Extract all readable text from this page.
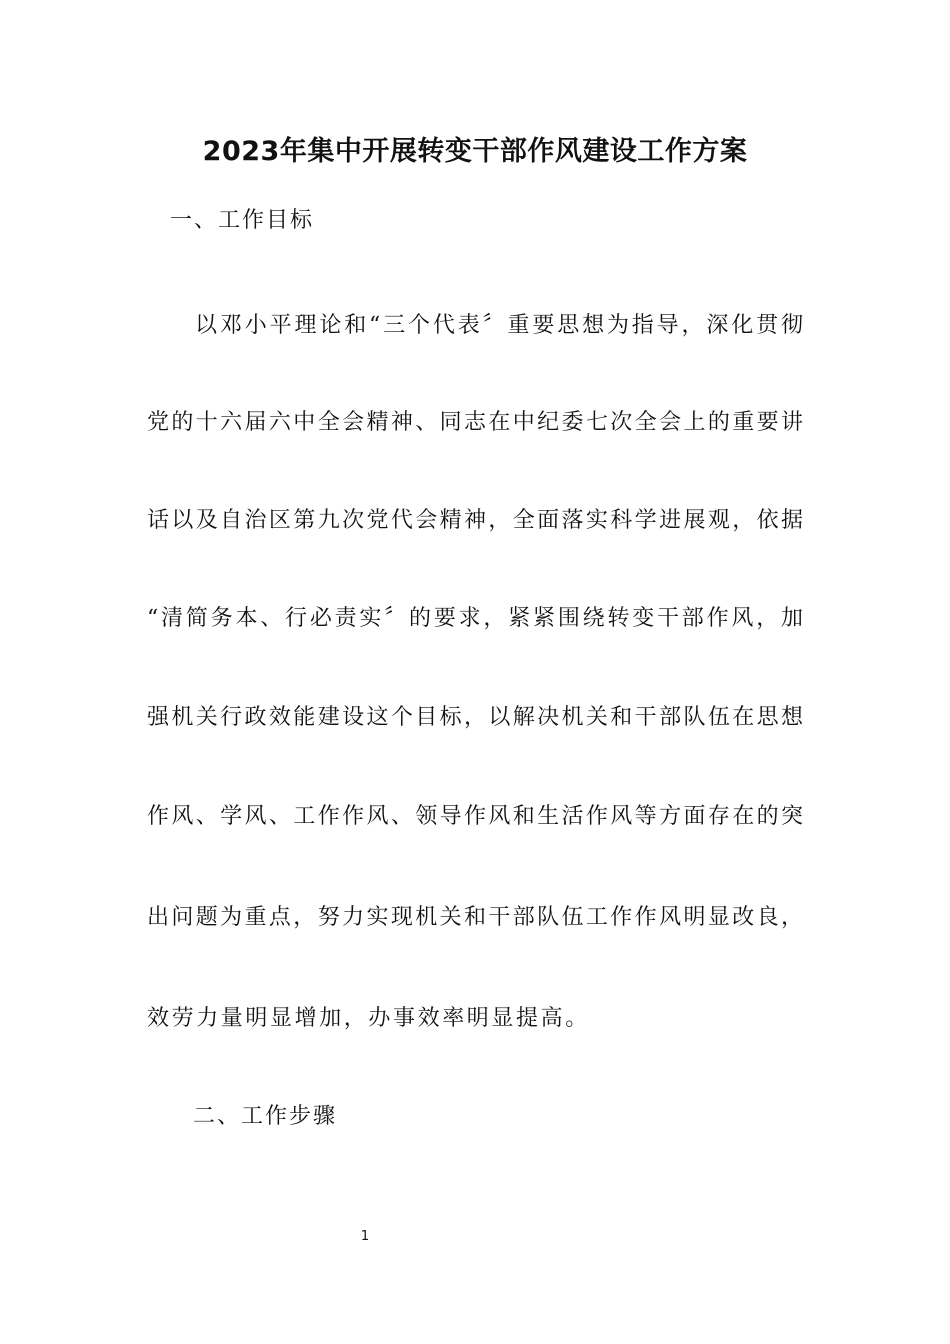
2023年集中开展转变干部作风建设工作方案
一、工作目标
以邓小平理论和“三个代表〞重要思想为指导，深化贯彻
党的十六届六中全会精神、同志在中纪委七次全会上的重要讲
话以及自治区第九次党代会精神，全面落实科学进展观，依据
“清简务本、行必责实〞的要求，紧紧围绕转变干部作风，加
强机关行政效能建设这个目标，以解决机关和干部队伍在思想
作风、学风、工作作风、领导作风和生活作风等方面存在的突
出问题为重点，努力实现机关和干部队伍工作作风明显改良，
效劳力量明显增加，办事效率明显提高。
二、工作步骤
1
